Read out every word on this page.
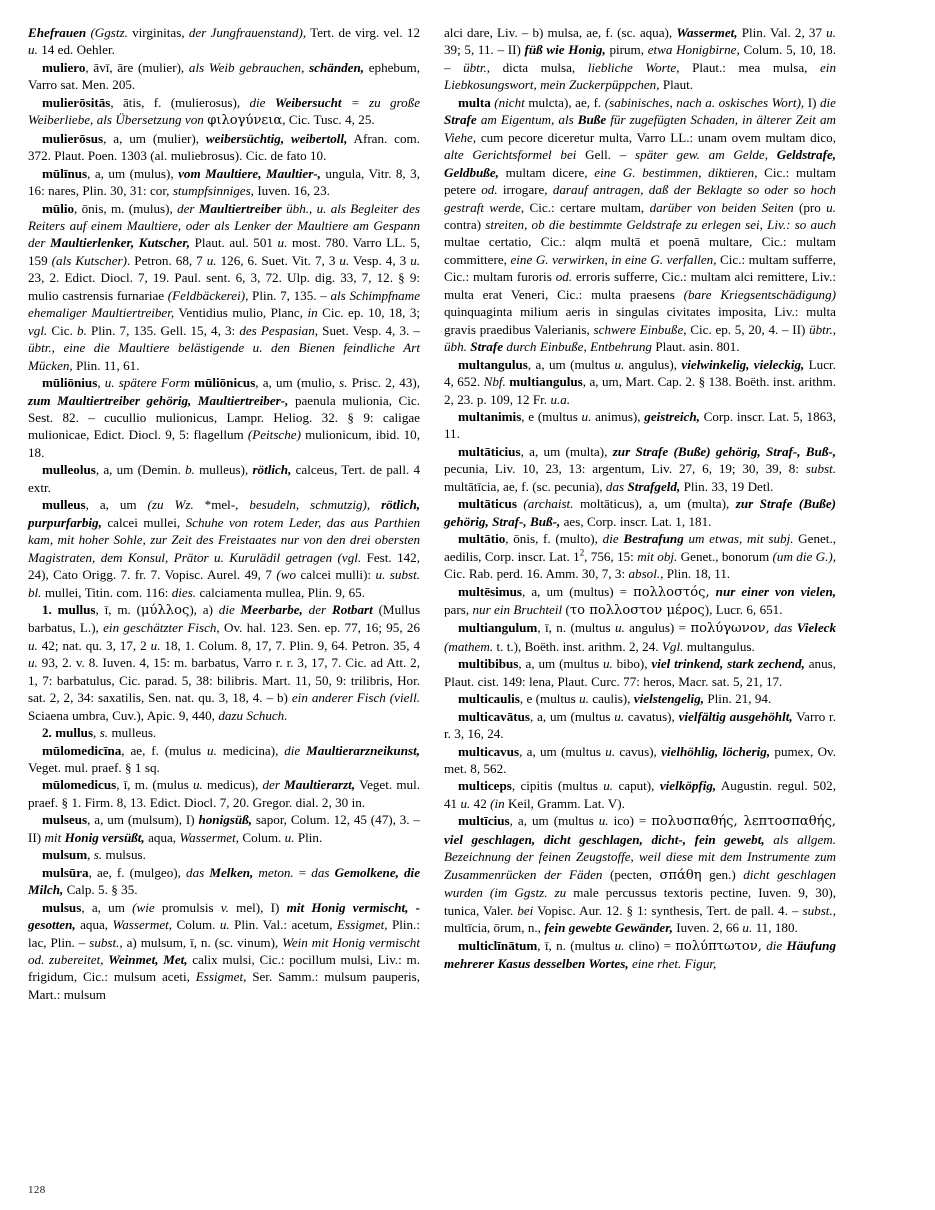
Ehefrauen (Ggstz. virginitas, der Jungfrauenstand), Tert. de virg. vel. 12 u. 14 ed. Oehler.

muliero, āvī, āre (mulier), als Weib gebrauchen, schänden, ephebum, Varro sat. Men. 205.

mulierōsitās, ātis, f. (mulierosus), die Weibersucht = zu große Weiberliebe, als Übersetzung von φιλογύνεια, Cic. Tusc. 4, 25.

mulierōsus, a, um (mulier), weibersüchtig, weibertoll, Afran. com. 372. Plaut. Poen. 1303 (al. muliebrosus). Cic. de fato 10.

mūlīnus, a, um (mulus), vom Maultiere, Maultier-, ungula, Vitr. 8, 3, 16: nares, Plin. 30, 31: cor, stumpfsinniges, Iuven. 16, 23.

mūlio, ōnis, m. (mulus), der Maultiertreiber übh., u. als Begleiter des Reiters auf einem Maultiere, oder als Lenker der Maultiere am Gespann der Maultierlenker, Kutscher, Plaut. aul. 501 u. most. 780. Varro LL. 5, 159 (als Kutscher). Petron. 68, 7 u. 126, 6. Suet. Vit. 7, 3 u. Vesp. 4, 3 u. 23, 2. Edict. Diocl. 7, 19. Paul. sent. 6, 3, 72. Ulp. dig. 33, 7, 12. § 9: mulio castrensis furnariae (Feldbäckerei), Plin. 7, 135. – als Schimpfname ehemaliger Maultiertreiber, Ventidius mulio, Planc, in Cic. ep. 10, 18, 3; vgl. Cic. b. Plin. 7, 135. Gell. 15, 4, 3: des Pespasian, Suet. Vesp. 4, 3. – übtr., eine die Maultiere belästigende u. den Bienen feindliche Art Mücken, Plin. 11, 61.

mūliōnius, u. spätere Form mūliōnicus, a, um (mulio, s. Prisc. 2, 43), zum Maultiertreiber gehörig, Maultiertreiber-, paenula mulionia, Cic. Sest. 82. – cucullio mulionicus, Lampr. Heliog. 32. § 9: caligae mulionicae, Edict. Diocl. 9, 5: flagellum (Peitsche) mulionicum, ibid. 10, 18.

mulleolus, a, um (Demin. b. mulleus), rötlich, calceus, Tert. de pall. 4 extr.

mulleus, a, um (zu Wz. *mel-, besudeln, schmutzig), rötlich, purpurfarbig, calcei mullei, Schuhe von rotem Leder, das aus Parthien kam, mit hoher Sohle, zur Zeit des Freistaates nur von den drei obersten Magistraten, dem Konsul, Prätor u. Kurulädil getragen (vgl. Fest. 142, 24), Cato Origg. 7. fr. 7. Vopisc. Aurel. 49, 7 (wo calcei mulli): u. subst. bl. mullei, Titin. com. 116: dies. calciamenta mullea, Plin. 9, 65.

1. mullus, ī, m. (μύλλος), a) die Meerbarbe, der Rotbart (Mullus barbatus, L.), ein geschätzter Fisch, Ov. hal. 123. Sen. ep. 77, 16; 95, 26 u. 42; nat. qu. 3, 17, 2 u. 18, 1. Colum. 8, 17, 7. Plin. 9, 64. Petron. 35, 4 u. 93, 2. v. 8. Iuven. 4, 15: m. barbatus, Varro r. r. 3, 17, 7. Cic. ad Att. 2, 1, 7: barbatulus, Cic. parad. 5, 38: bilibris. Mart. 11, 50, 9: trilibris, Hor. sat. 2, 2, 34: saxatilis, Sen. nat. qu. 3, 18, 4. – b) ein anderer Fisch (viell. Sciaena umbra, Cuv.), Apic. 9, 440, dazu Schuch.

2. mullus, s. mulleus.

mūlomedicīna, ae, f. (mulus u. medicina), die Maultierarzneikunst, Veget. mul. praef. § 1 sq.

mūlomedicus, ī, m. (mulus u. medicus), der Maultierarzt, Veget. mul. praef. § 1. Firm. 8, 13. Edict. Diocl. 7, 20. Gregor. dial. 2, 30 in.

mulseus, a, um (mulsum), I) honigsüß, sapor, Colum. 12, 45 (47), 3. – II) mit Honig versüßt, aqua, Wassermet, Colum. u. Plin.

mulsum, s. mulsus.

mulsūra, ae, f. (mulgeo), das Melken, meton. = das Gemolkene, die Milch, Calp. 5. § 35.

mulsus, a, um (wie promulsis v. mel), I) mit Honig vermischt, -gesotten, aqua, Wassermet, Colum. u. Plin. Val.: acetum, Essigmet, Plin.: lac, Plin. – subst., a) mulsum, ī, n. (sc. vinum), Wein mit Honig vermischt od. zubereitet, Weinmet, Met, calix mulsi, Cic.: pocillum mulsi, Liv.: m. frigidum, Cic.: mulsum aceti, Essigmet, Ser. Samm.: mulsum pauperis, Mart.: mulsum

alci dare, Liv. – b) mulsa, ae, f. (sc. aqua), Wassermet, Plin. Val. 2, 37 u. 39; 5, 11. – II) füß wie Honig, pirum, etwa Honigbirne, Colum. 5, 10, 18. – übtr., dicta mulsa, liebliche Worte, Plaut.: mea mulsa, ein Liebkosungswort, mein Zuckerpüppchen, Plaut.

multa (nicht mulcta), ae, f. (sabinisches, nach a. oskisches Wort), I) die Strafe am Eigentum, als Buße für zugefügten Schaden, in älterer Zeit am Viehe, cum pecore diceretur multa, Varro LL.: unam ovem multam dico, alte Gerichtsformel bei Gell. – später gew. am Gelde, Geldstrafe, Geldbuße, multam dicere, eine G. bestimmen, diktieren, Cic.: multam petere od. irrogare, darauf antragen, daß der Beklagte so oder so hoch gestraft werde, Cic.: certare multam, darüber von beiden Seiten (pro u. contra) streiten, ob die bestimmte Geldstrafe zu erlegen sei, Liv.: so auch multae certatio, Cic.: alqm multā et poenā multare, Cic.: multam committere, eine G. verwirken, in eine G. verfallen, Cic.: multam sufferre, Cic.: multam furoris od. erroris sufferre, Cic.: multam alci remittere, Liv.: multa erat Veneri, Cic.: multa praesens (bare Kriegsentschädigung) quinquaginta milium aeris in singulas civitates imposita, Liv.: multa gravis praedibus Valerianis, schwere Einbuße, Cic. ep. 5, 20, 4. – II) übtr., übh. Strafe durch Einbuße, Entbehrung Plaut. asin. 801.

multangulus, a, um (multus u. angulus), vielwinkelig, vieleckig, Lucr. 4, 652. Nbf. multiangulus, a, um, Mart. Cap. 2. § 138. Boëth. inst. arithm. 2, 23. p. 109, 12 Fr. u.a.

multanimis, e (multus u. animus), geistreich, Corp. inscr. Lat. 5, 1863, 11.

multāticius, a, um (multa), zur Strafe (Buße) gehörig, Straf-, Buß-, pecunia, Liv. 10, 23, 13: argentum, Liv. 27, 6, 19; 30, 39, 8: subst. multātīcia, ae, f. (sc. pecunia), das Strafgeld, Plin. 33, 19 Detl.

multāticus (archaist. moltāticus), a, um (multa), zur Strafe (Buße) gehörig, Straf-, Buß-, aes, Corp. inscr. Lat. 1, 181.

multātio, ōnis, f. (multo), die Bestrafung um etwas, mit subj. Genet., aedilis, Corp. inscr. Lat. $1^2$, 756, 15: mit obj. Genet., bonorum (um die G.), Cic. Rab. perd. 16. Amm. 30, 7, 3: absol., Plin. 18, 11.

multēsimus, a, um (multus) = πολλοστός, nur einer von vielen, pars, nur ein Bruchteil (το πολλοστον μέρος), Lucr. 6, 651.

multiangulum, ī, n. (multus u. angulus) = πολύγωνον, das Vieleck (mathem. t. t.), Boëth. inst. arithm. 2, 24. Vgl. multangulus.

multibibus, a, um (multus u. bibo), viel trinkend, stark zechend, anus, Plaut. cist. 149: lena, Plaut. Curc. 77: heros, Macr. sat. 5, 21, 17.

multicaulis, e (multus u. caulis), vielstengelig, Plin. 21, 94.

multicavātus, a, um (multus u. cavatus), vielfältig ausgehöhlt, Varro r. r. 3, 16, 24.

multicavus, a, um (multus u. cavus), vielhöhlig, löcherig, pumex, Ov. met. 8, 562.

multiceps, cipitis (multus u. caput), vielköpfig, Augustin. regul. 502, 41 u. 42 (in Keil, Gramm. Lat. V).

multīcius, a, um (multus u. ico) = πολυσπαθής, λεπτοσπαθής, viel geschlagen, dicht geschlagen, dicht-, fein gewebt, als allgem. Bezeichnung der feinen Zeugstoffe, weil diese mit dem Instrumente zum Zusammenrücken der Fäden (pecten, σπάθη gen.) dicht geschlagen wurden (im Ggstz. zu male percussus textoris pectine, Iuven. 9, 30), tunica, Valer. bei Vopisc. Aur. 12. § 1: synthesis, Tert. de pall. 4. – subst., multīcia, ōrum, n., fein gewebte Gewänder, Iuven. 2, 66 u. 11, 180.

multiclīnātum, ī, n. (multus u. clino) = πολύπτωτον, die Häufung mehrerer Kasus desselben Wortes, eine rhet. Figur,

128
